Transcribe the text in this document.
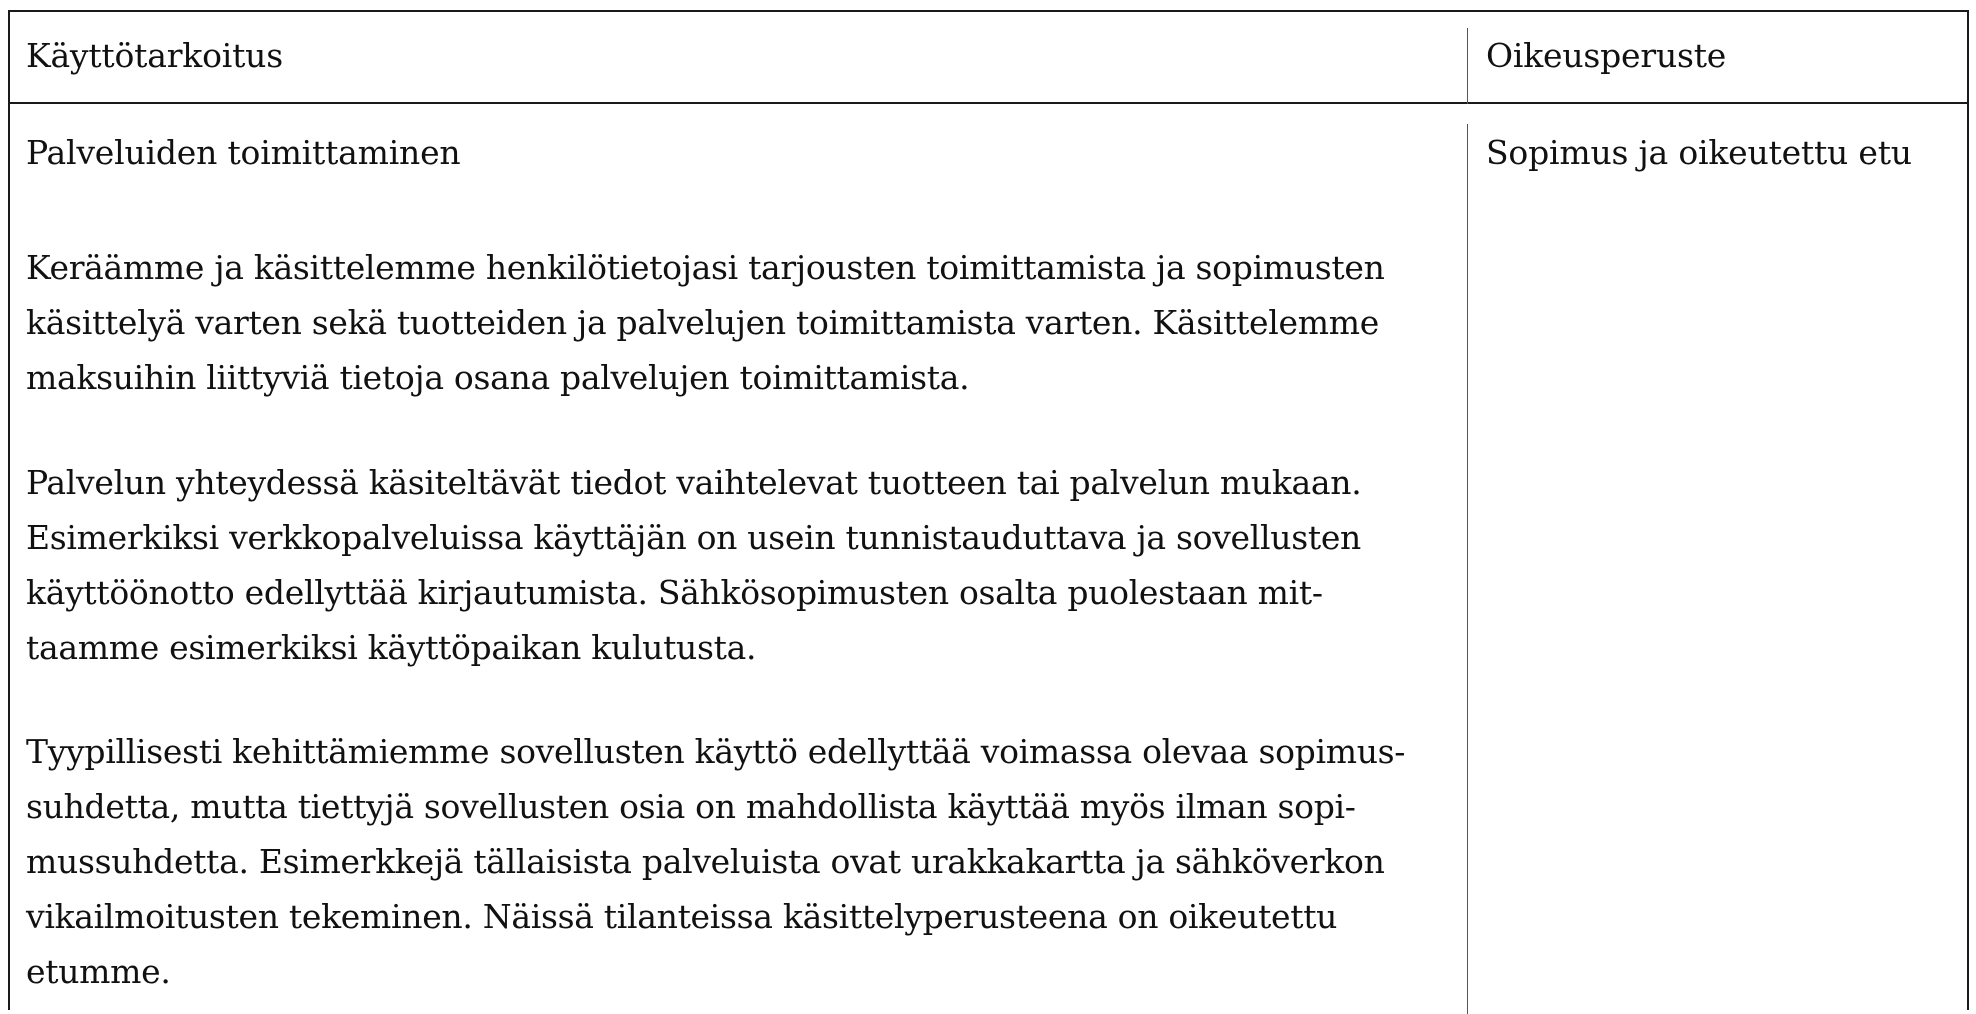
Käyttötarkoitus	Oikeusperuste
Palveluiden toimittaminen	Sopimus ja oikeutettu etu
Keräämme ja käsittelemme henkilötietojasi tarjousten toimittamista ja sopimusten
käsittelyä varten sekä tuotteiden ja palvelujen toimittamista varten. Käsittelemme
maksuihin liittyviä tietoja osana palvelujen toimittamista.
Palvelun yhteydessä käsiteltävät tiedot vaihtelevat tuotteen tai palvelun mukaan.
Esimerkiksi verkkopalveluissa käyttäjän on usein tunnistauduttava ja sovellusten
käyttöönotto edellyttää kirjautumista. Sähkösopimusten osalta puolestaan mit-
taamme esimerkiksi käyttöpaikan kulutusta.
Tyypillisesti kehittämiemme sovellusten käyttö edellyttää voimassa olevaa sopimus-
suhdetta, mutta tiettyjä sovellusten osia on mahdollista käyttää myös ilman sopi-
mussuhdetta. Esimerkkejä tällaisista palveluista ovat urakkakartta ja sähköverkon
vikailmoitusten tekeminen. Näissä tilanteissa käsittelyperusteena on oikeutettu
etumme.
